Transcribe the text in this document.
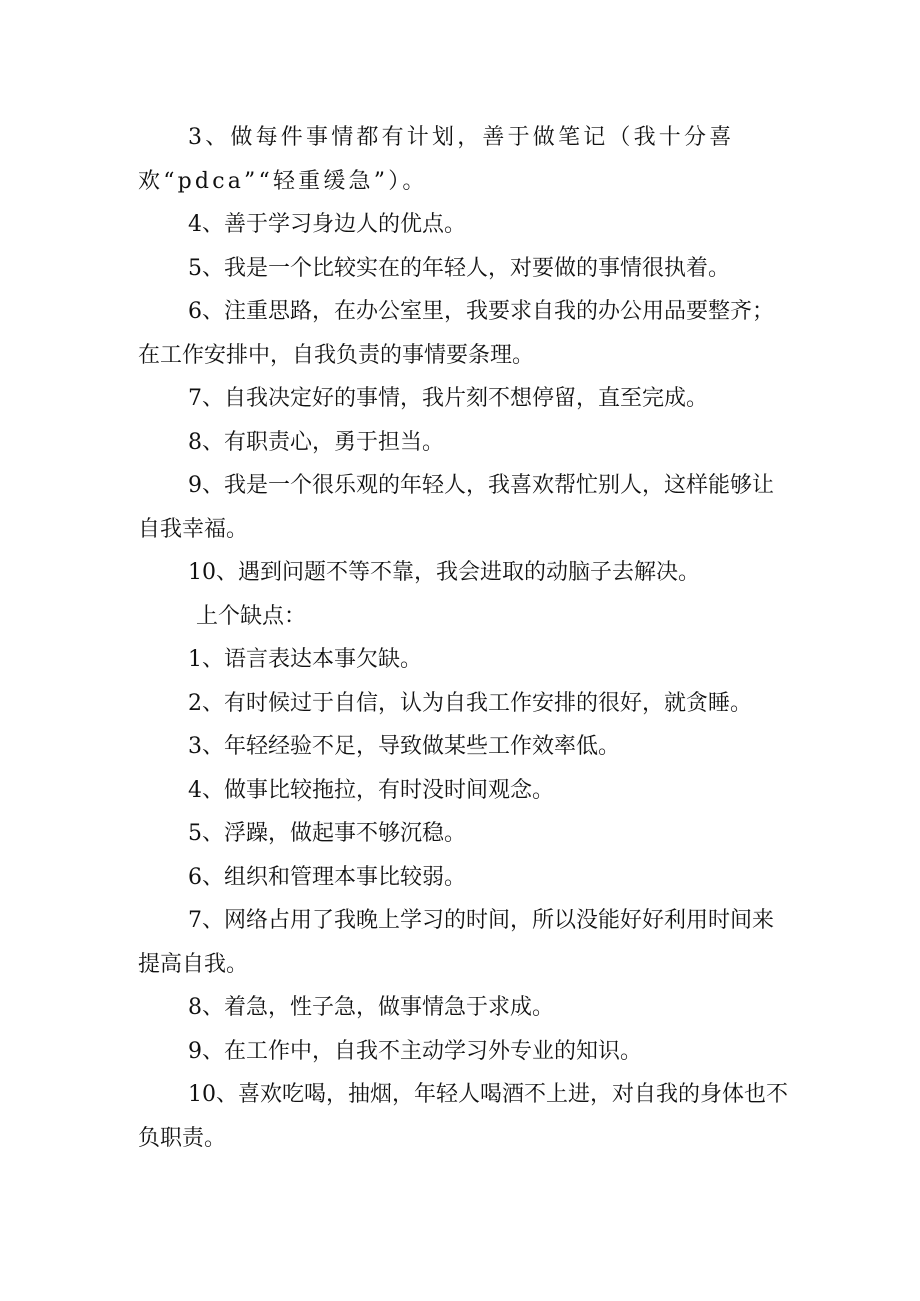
3、做每件事情都有计划，善于做笔记（我十分喜欢“pdca”“轻重缓急”）。

4、善于学习身边人的优点。

5、我是一个比较实在的年轻人，对要做的事情很执着。

6、注重思路，在办公室里，我要求自我的办公用品要整齐；在工作安排中，自我负责的事情要条理。

7、自我决定好的事情，我片刻不想停留，直至完成。

8、有职责心，勇于担当。

9、我是一个很乐观的年轻人，我喜欢帮忙别人，这样能够让自我幸福。

10、遇到问题不等不靠，我会进取的动脑子去解决。

上个缺点：

1、语言表达本事欠缺。

2、有时候过于自信，认为自我工作安排的很好，就贪睡。

3、年轻经验不足，导致做某些工作效率低。

4、做事比较拖拉，有时没时间观念。

5、浮躁，做起事不够沉稳。

6、组织和管理本事比较弱。

7、网络占用了我晚上学习的时间，所以没能好好利用时间来提高自我。

8、着急，性子急，做事情急于求成。

9、在工作中，自我不主动学习外专业的知识。

10、喜欢吃喝，抽烟，年轻人喝酒不上进，对自我的身体也不负职责。
